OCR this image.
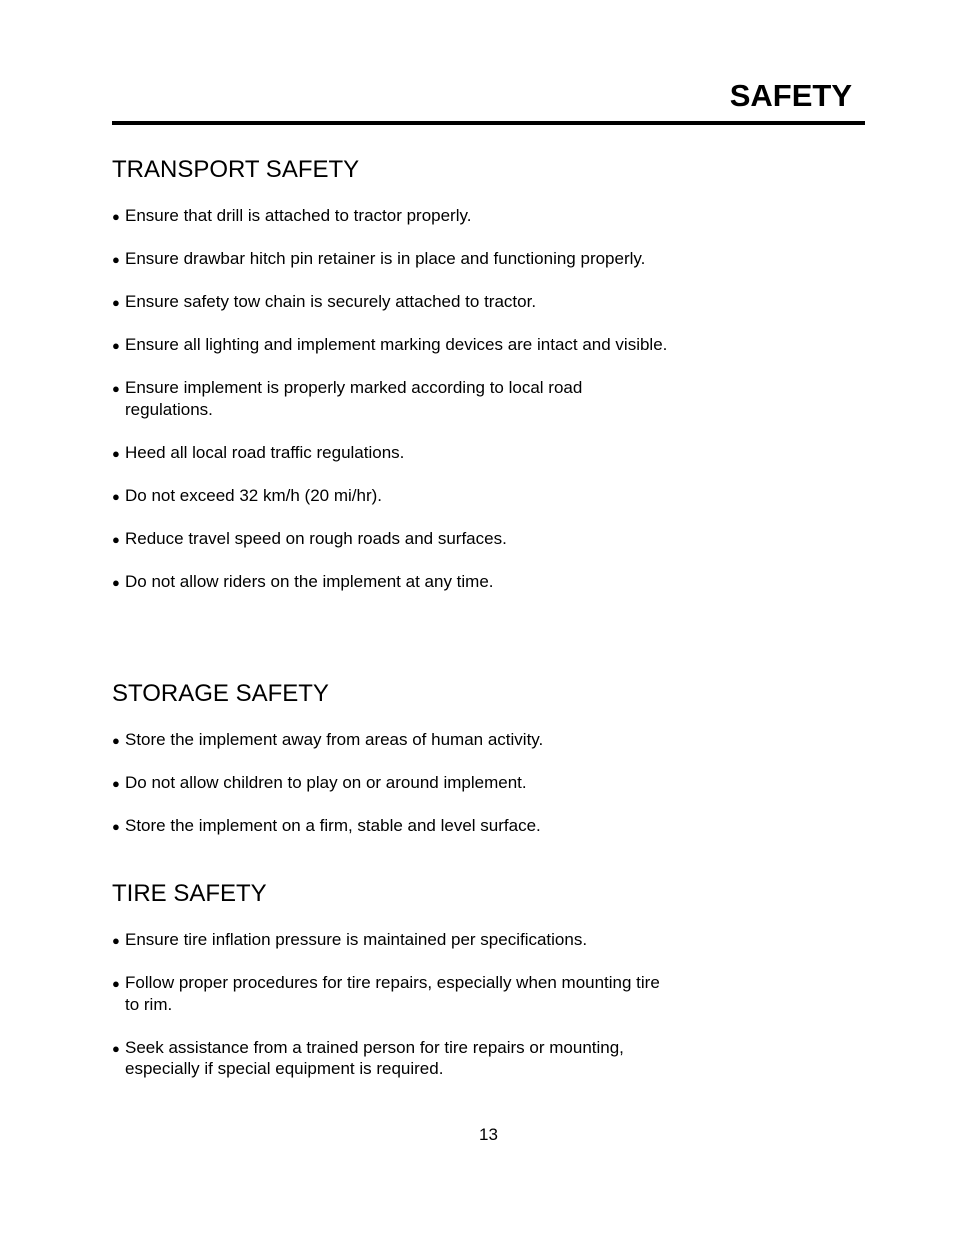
SAFETY
TRANSPORT SAFETY
● Ensure that drill is attached to tractor properly.
● Ensure drawbar hitch pin retainer is in place and functioning properly.
● Ensure safety tow chain is securely attached to tractor.
● Ensure all lighting and implement marking devices are intact and visible.
● Ensure implement is properly marked according to local road regulations.
● Heed all local road traffic regulations.
● Do not exceed 32 km/h (20 mi/hr).
● Reduce travel speed on rough roads and surfaces.
● Do not allow riders on the implement at any time.
STORAGE SAFETY
● Store the implement away from areas of human activity.
● Do not allow children to play on or around implement.
● Store the implement on a firm, stable and level surface.
TIRE SAFETY
● Ensure tire inflation pressure is maintained per specifications.
● Follow proper procedures for tire repairs, especially when mounting tire to rim.
● Seek assistance from a trained person for tire repairs or mounting, especially if special equipment is required.
13
